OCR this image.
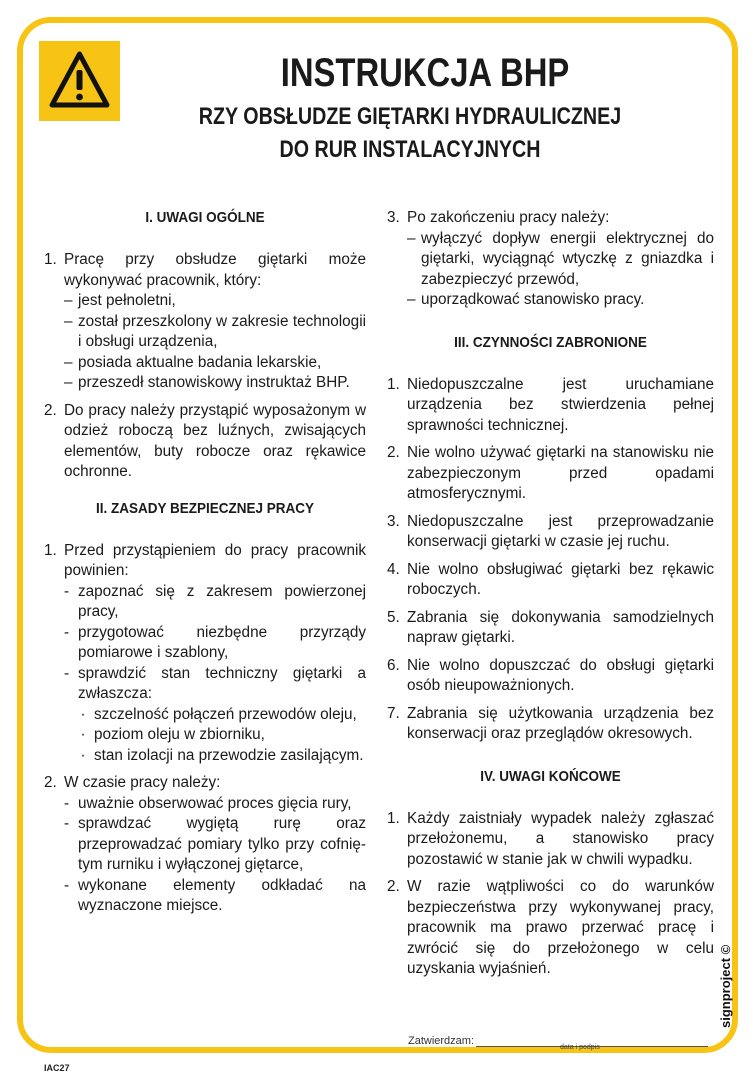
INSTRUKCJA BHP
RZY OBSŁUDZE GIĘTARKI HYDRAULICZNEJ
DO RUR INSTALACYJNYCH
I. UWAGI OGÓLNE
1. Pracę przy obsłudze giętarki może wykonywać pracownik, który:

– jest pełnoletni,
– został przeszkolony w zakresie technologii i obsługi urządzenia,
– posiada aktualne badania lekarskie,
– przeszedł stanowiskowy instruktaż BHP.
2. Do pracy należy przystąpić wyposażonym w odzież roboczą bez luźnych, zwisających elementów, buty robocze oraz rękawice ochronne.

II. ZASADY BEZPIECZNEJ PRACY
1. Przed przystąpieniem do pracy pracownik powinien:

- zapoznać się z zakresem powierzonej pracy,
- przygotować niezbędne przyrządy pomiarowe i szablony,
- sprawdzić stan techniczny giętarki a zwłaszcza:
· szczelność połączeń przewodów oleju,
· poziom oleju w zbiorniku,
· stan izolacji na przewodzie zasilającym.
2. W czasie pracy należy:

- uważnie obserwować proces gięcia rury,
- sprawdzać wygiętą rurę oraz przeprowadzać pomiary tylko przy cofnię-tym rurniku i wyłączonej giętarce,
- wykonane elementy odkładać na wyznaczone miejsce.
3. Po zakończeniu pracy należy:

– wyłączyć dopływ energii elektrycznej do giętarki, wyciągnąć wtyczkę z gniazdka i zabezpieczyć przewód,
– uporządkować stanowisko pracy.
III. CZYNNOŚCI ZABRONIONE
1. Niedopuszczalne jest uruchamiane urządzenia bez stwierdzenia pełnej sprawności technicznej.

2. Nie wolno używać giętarki na stanowisku nie zabezpieczonym przed opadami atmosferycznymi.

3. Niedopuszczalne jest przeprowadzanie konserwacji giętarki w czasie jej ruchu.

4. Nie wolno obsługiwać giętarki bez rękawic roboczych.

5. Zabrania się dokonywania samodzielnych napraw giętarki.

6. Nie wolno dopuszczać do obsługi giętarki osób nieupoważnionych.

7. Zabrania się użytkowania urządzenia bez konserwacji oraz przeglądów okresowych.

IV. UWAGI KOŃCOWE
1. Każdy zaistniały wypadek należy zgłaszać przełożonemu, a stanowisko pracy pozostawić w stanie jak w chwili wypadku.

2. W razie wątpliwości co do warunków bezpieczeństwa przy wykonywanej pracy, pracownik ma prawo przerwać pracę i zwrócić się do przełożonego w celu uzyskania wyjaśnień.

Zatwierdzam:
data i podpis
IAC27
signproject ©
